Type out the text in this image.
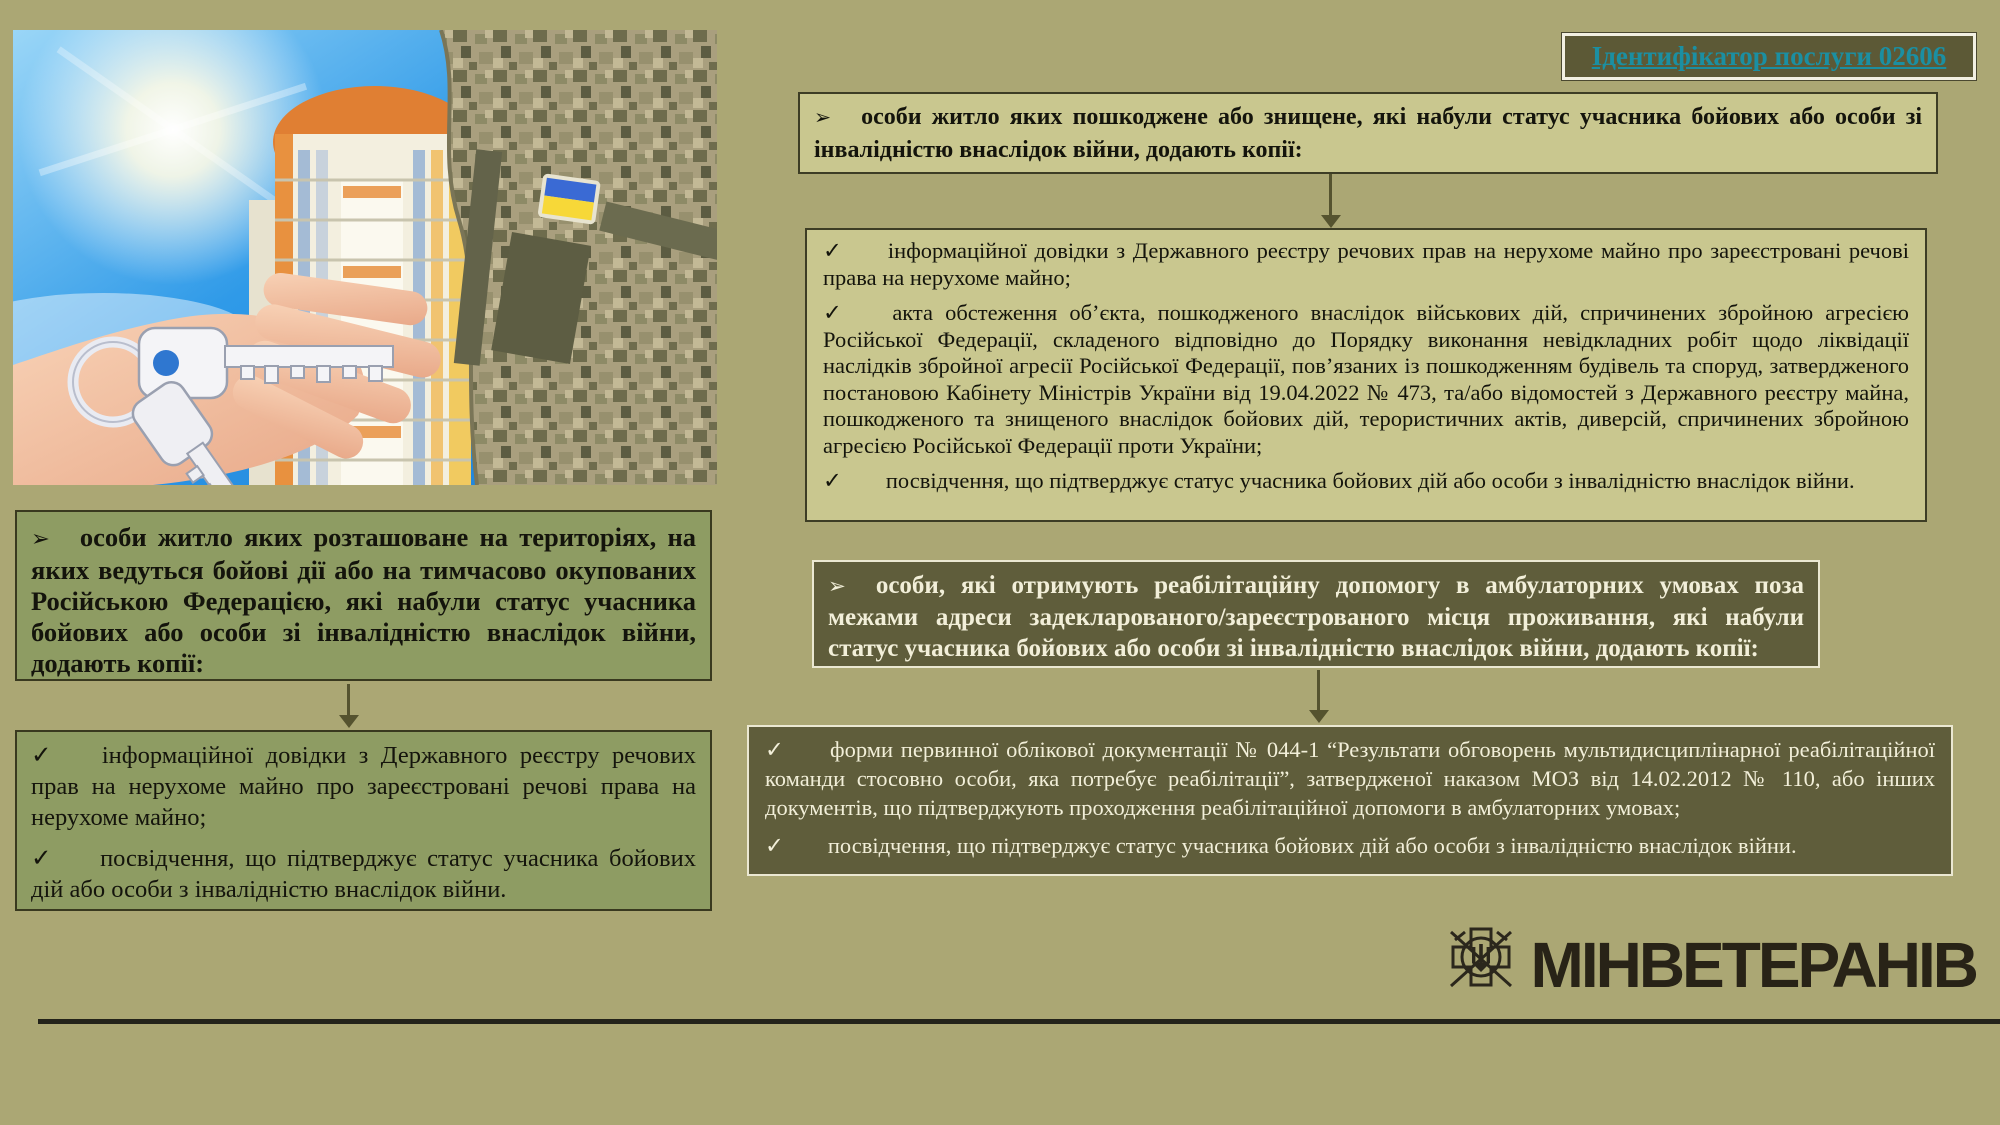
Ідентифікатор послуги 02606

➢ особи житло яких пошкоджене або знищене, які набули статус учасника бойових або особи зі інвалідністю внаслідок війни, додають копії:

✓ інформаційної довідки з Державного реєстру речових прав на нерухоме майно про зареєстровані речові права на нерухоме майно;

✓ акта обстеження об’єкта, пошкодженого внаслідок військових дій, спричинених збройною агресією Російської Федерації, складеного відповідно до Порядку виконання невідкладних робіт щодо ліквідації наслідків збройної агресії Російської Федерації, пов’язаних із пошкодженням будівель та споруд, затвердженого постановою Кабінету Міністрів України від 19.04.2022 № 473, та/або відомостей з Державного реєстру майна, пошкодженого та знищеного внаслідок бойових дій, терористичних актів, диверсій, спричинених збройною агресією Російської Федерації проти України;

✓ посвідчення, що підтверджує статус учасника бойових дій або особи з інвалідністю внаслідок війни.

➢ особи, які отримують реабілітаційну допомогу в амбулаторних умовах поза межами адреси задекларованого/зареєстрованого місця проживання, які набули статус учасника бойових або особи зі інвалідністю внаслідок війни, додають копії:

✓ форми первинної облікової документації № 044-1 “Результати обговорень мультидисциплінарної реабілітаційної команди стосовно особи, яка потребує реабілітації”, затвердженої наказом МОЗ від 14.02.2012 № 110, або інших документів, що підтверджують проходження реабілітаційної допомоги в амбулаторних умовах;

✓ посвідчення, що підтверджує статус учасника бойових дій або особи з інвалідністю внаслідок війни.

➢ особи житло яких розташоване на територіях, на яких ведуться бойові дії або на тимчасово окупованих Російською Федерацією, які набули статус учасника бойових або особи зі інвалідністю внаслідок війни, додають копії:

✓ інформаційної довідки з Державного реєстру речових прав на нерухоме майно про зареєстровані речові права на нерухоме майно;

✓ посвідчення, що підтверджує статус учасника бойових дій або особи з інвалідністю внаслідок війни.

МІНВЕТЕРАНІВ
